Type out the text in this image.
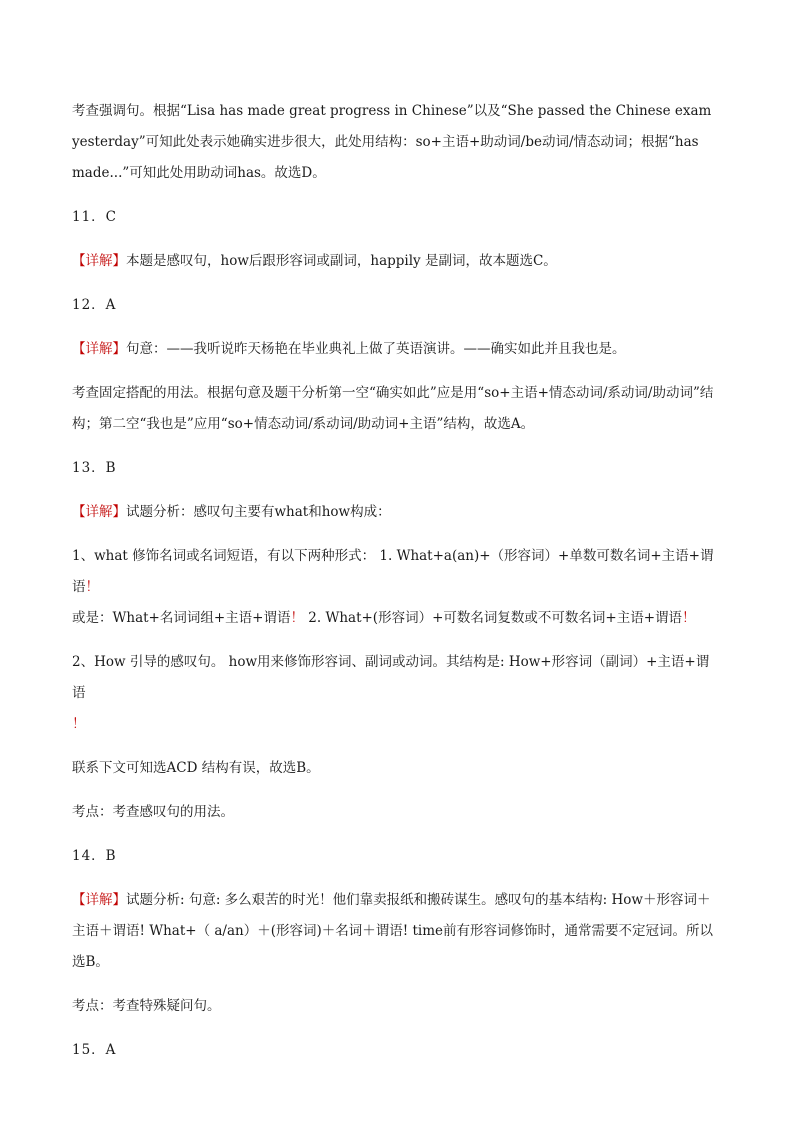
考查强调句。根据“Lisa has made great progress in Chinese”以及“She passed the Chinese exam yesterday”可知此处表示她确实进步很大，此处用结构：so+主语+助动词/be动词/情态动词；根据“has made...”可知此处用助动词has。故选D。

11．C

【详解】本题是感叹句，how后跟形容词或副词，happily 是副词，故本题选C。

12．A

【详解】句意：——我听说昨天杨艳在毕业典礼上做了英语演讲。——确实如此并且我也是。

考查固定搭配的用法。根据句意及题干分析第一空“确实如此”应是用“so+主语+情态动词/系动词/助动词”结构；第二空“我也是”应用“so+情态动词/系动词/助动词+主语”结构，故选A。

13．B

【详解】试题分析：感叹句主要有what和how构成：

1、what 修饰名词或名词短语，有以下两种形式： 1. What+a(an)+（形容词）+单数可数名词+主语+谓语！
或是：What+名词词组+主语+谓语！ 2. What+(形容词）+可数名词复数或不可数名词+主语+谓语！

2、How 引导的感叹句。 how用来修饰形容词、副词或动词。其结构是: How+形容词（副词）+主语+谓语
！

联系下文可知选ACD 结构有误，故选B。

考点：考查感叹句的用法。

14．B

【详解】试题分析: 句意: 多么艰苦的时光！他们靠卖报纸和搬砖谋生。感叹句的基本结构: How＋形容词＋主语＋谓语! What+（ a/an）＋(形容词)＋名词＋谓语! time前有形容词修饰时，通常需要不定冠词。所以选B。

考点：考查特殊疑问句。

15．A
